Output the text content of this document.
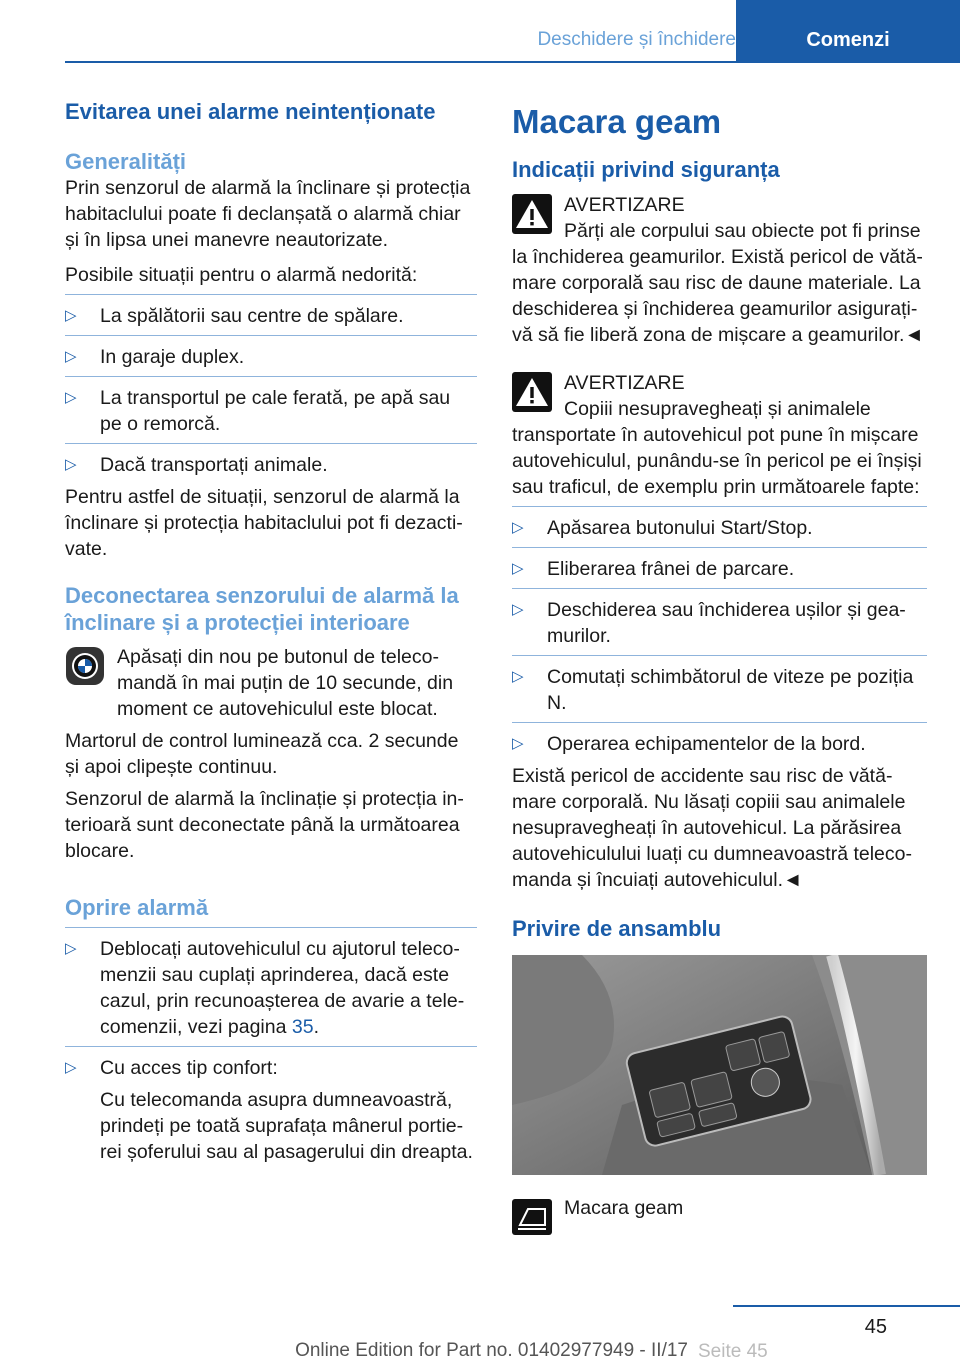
Deschidere și închidere	Comenzi
Evitarea unei alarme neintenționate
Generalități

Prin senzorul de alarmă la înclinare și protecția habitaclului poate fi declanșată o alarmă chiar și în lipsa unei manevre neautorizate.

Posibile situații pentru o alarmă nedorită:

▷ La spălătorii sau centre de spălare.
▷ In garaje duplex.
▷ La transportul pe cale ferată, pe apă sau pe o remorcă.
▷ Dacă transportați animale.

Pentru astfel de situații, senzorul de alarmă la înclinare și protecția habitaclului pot fi dezactivate.

Deconectarea senzorului de alarmă la înclinare și a protecției interioare

Apăsați din nou pe butonul de telecomandă în mai puțin de 10 secunde, din moment ce autovehiculul este blocat.

Martorul de control luminează cca. 2 secunde și apoi clipește continuu.

Senzorul de alarmă la înclinație și protecția interioară sunt deconectate până la următoarea blocare.

Oprire alarmă
▷ Deblocați autovehiculul cu ajutorul telecomenzii sau cuplați aprinderea, dacă este cazul, prin recunoașterea de avarie a telecomenzii, vezi pagina 35.
▷ Cu acces tip confort:

Cu telecomanda asupra dumneavoastră, prindeți pe toată suprafața mânerul portierei șoferului sau al pasagerului din dreapta.

Macara geam
Indicații privind siguranța

AVERTIZARE

Părți ale corpului sau obiecte pot fi prinse la închiderea geamurilor. Există pericol de vătămare corporală sau risc de daune materiale. La deschiderea și închiderea geamurilor asigurați-vă să fie liberă zona de mișcare a geamurilor.◄

AVERTIZARE

Copiii nesupravegheați și animalele transportate în autovehicul pot pune în mișcare autovehiculul, punându-se în pericol pe ei înșiși sau traficul, de exemplu prin următoarele fapte:

▷ Apăsarea butonului Start/Stop.
▷ Eliberarea frânei de parcare.
▷ Deschiderea sau închiderea ușilor și geamurilor.
▷ Comutați schimbătorul de viteze pe poziția N.
▷ Operarea echipamentelor de la bord.

Există pericol de accidente sau risc de vătămare corporală. Nu lăsați copiii sau animalele nesupravegheați în autovehicul. La părăsirea autovehiculului luați cu dumneavoastră telecomanda și încuiați autovehiculul.◄

Privire de ansamblu

Macara geam

45
Seite 45
Online Edition for Part no. 01402977949 - II/17
